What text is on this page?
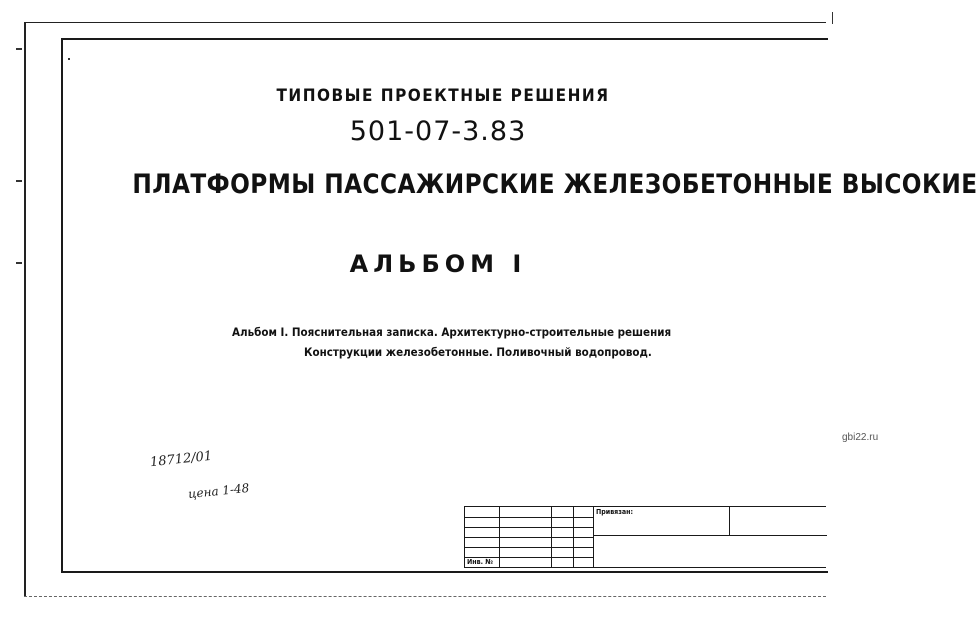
ТИПОВЫЕ ПРОЕКТНЫЕ РЕШЕНИЯ
501-07-3.83
ПЛАТФОРМЫ ПАССАЖИРСКИЕ ЖЕЛЕЗОБЕТОННЫЕ ВЫСОКИЕ
АЛЬБОМ I
Альбом I. Пояснительная записка. Архитектурно-строительные решения
Конструкции железобетонные. Поливочный водопровод.
18712/01
цена 1-48
gbi22.ru
Привязан:
Инв. №
